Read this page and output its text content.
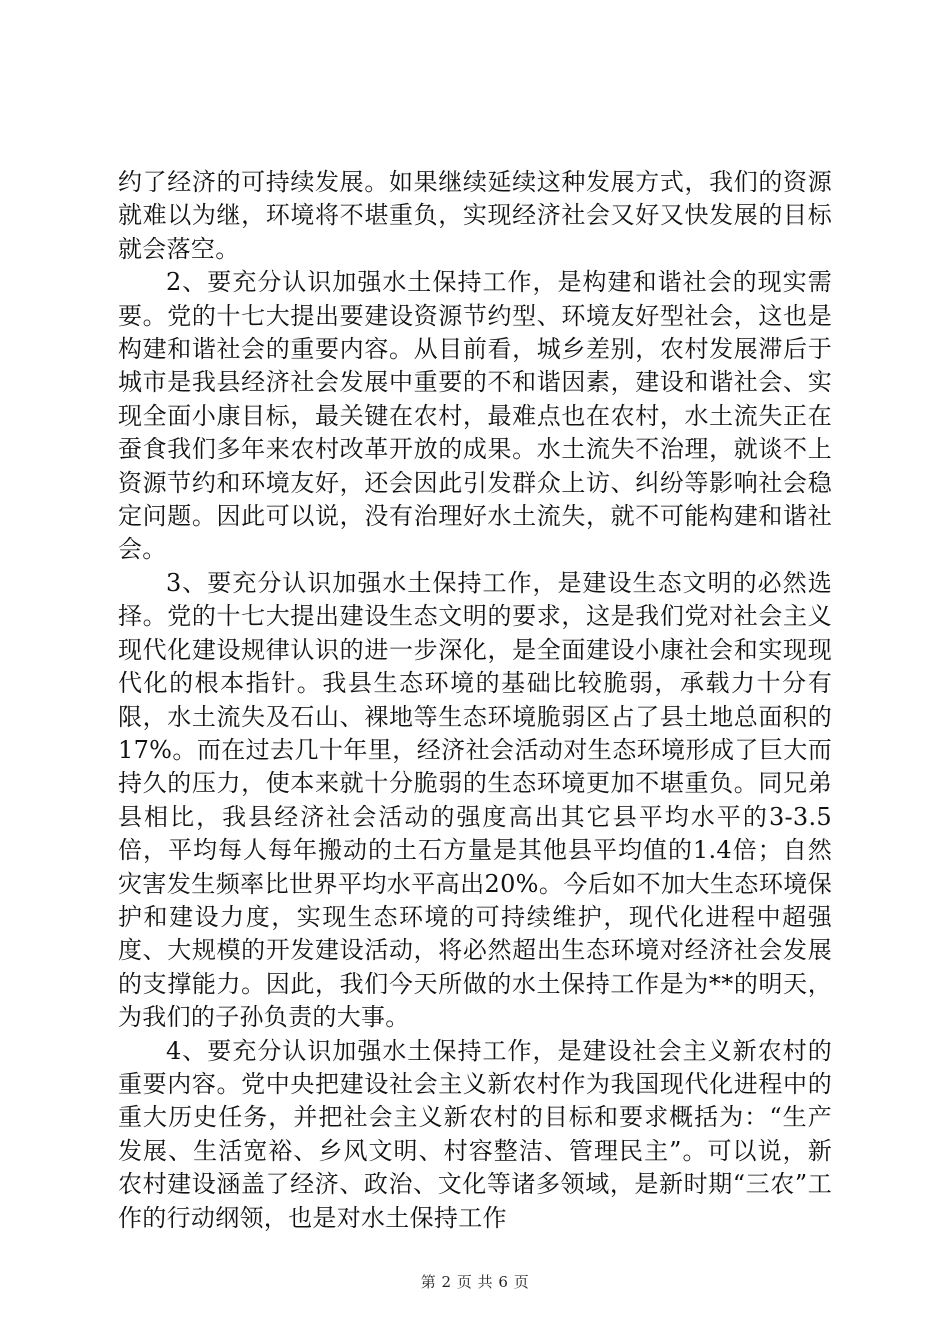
约了经济的可持续发展。如果继续延续这种发展方式，我们的资源就难以为继，环境将不堪重负，实现经济社会又好又快发展的目标就会落空。

2、要充分认识加强水土保持工作，是构建和谐社会的现实需要。党的十七大提出要建设资源节约型、环境友好型社会，这也是构建和谐社会的重要内容。从目前看，城乡差别，农村发展滞后于城市是我县经济社会发展中重要的不和谐因素，建设和谐社会、实现全面小康目标，最关键在农村，最难点也在农村，水土流失正在蚕食我们多年来农村改革开放的成果。水土流失不治理，就谈不上资源节约和环境友好，还会因此引发群众上访、纠纷等影响社会稳定问题。因此可以说，没有治理好水土流失，就不可能构建和谐社会。

3、要充分认识加强水土保持工作，是建设生态文明的必然选择。党的十七大提出建设生态文明的要求，这是我们党对社会主义现代化建设规律认识的进一步深化，是全面建设小康社会和实现现代化的根本指针。我县生态环境的基础比较脆弱，承载力十分有限，水土流失及石山、裸地等生态环境脆弱区占了县土地总面积的17%。而在过去几十年里，经济社会活动对生态环境形成了巨大而持久的压力，使本来就十分脆弱的生态环境更加不堪重负。同兄弟县相比，我县经济社会活动的强度高出其它县平均水平的3-3.5倍，平均每人每年搬动的土石方量是其他县平均值的1.4倍；自然灾害发生频率比世界平均水平高出20%。今后如不加大生态环境保护和建设力度，实现生态环境的可持续维护，现代化进程中超强度、大规模的开发建设活动，将必然超出生态环境对经济社会发展的支撑能力。因此，我们今天所做的水土保持工作是为**的明天，为我们的子孙负责的大事。

4、要充分认识加强水土保持工作，是建设社会主义新农村的重要内容。党中央把建设社会主义新农村作为我国现代化进程中的重大历史任务，并把社会主义新农村的目标和要求概括为：“生产发展、生活宽裕、乡风文明、村容整洁、管理民主”。可以说，新农村建设涵盖了经济、政治、文化等诸多领域，是新时期“三农”工作的行动纲领，也是对水土保持工作

第 2 页 共 6 页
